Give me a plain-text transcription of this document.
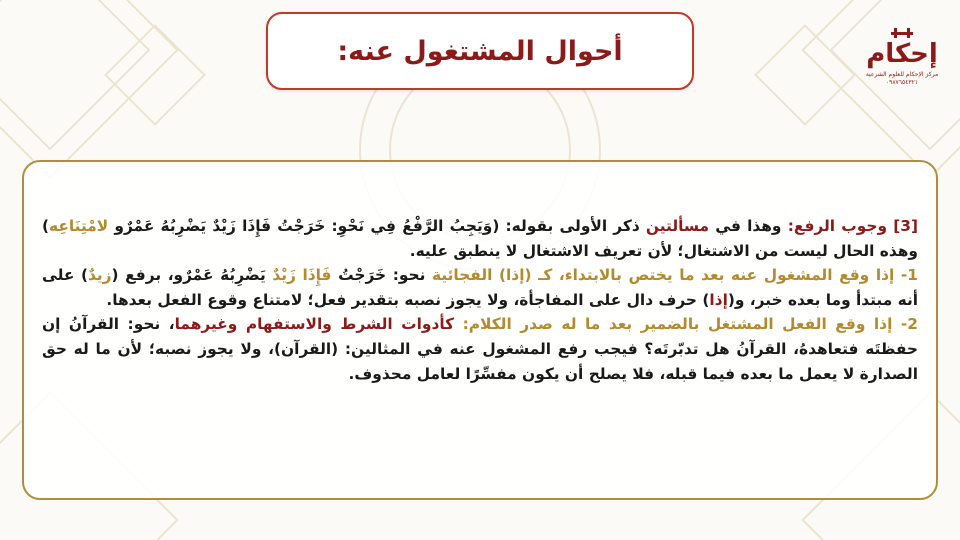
أحوال المشتغول عنه:	إحكام
مركز الإحكام للعلوم الشرعية
٠٩٨٧٦٥٤٣٢١

[3] وجوب الرفع: وهذا في مسألتين ذكر الأولى بقوله: (وَيَجِبُ الرَّفْعُ فِي نَحْوِ: خَرَجْتُ فَإِذَا زَيْدٌ يَضْرِبُهُ عَمْرٌو لامْتِنَاعِه) وهذه الحال ليست من الاشتغال؛ لأن تعريف الاشتغال لا ينطبق عليه.

1- إذا وقع المشغول عنه بعد ما يختص بالابتداء، كـ (إذا) الفجائية نحو: خَرَجْتُ فَإِذَا زَيْدٌ يَضْرِبُهُ عَمْرٌو، برفع (زيدٌ) على أنه مبتدأ وما بعده خبر، و(إذا) حرف دال على المفاجأة، ولا يجوز نصبه بتقدير فعل؛ لامتناع وقوع الفعل بعدها.

2- إذا وقع الفعل المشتغل بالضمير بعد ما له صدر الكلام: كأدوات الشرط والاستفهام وغيرهما، نحو: القرآنُ إن حفظتَه فتعاهدهُ، القرآنُ هل تدبّرتَه؟ فيجب رفع المشغول عنه في المثالين: (القرآن)، ولا يجوز نصبه؛ لأن ما له حق الصدارة لا يعمل ما بعده فيما قبله، فلا يصلح أن يكون مفسِّرًا لعامل محذوف.
